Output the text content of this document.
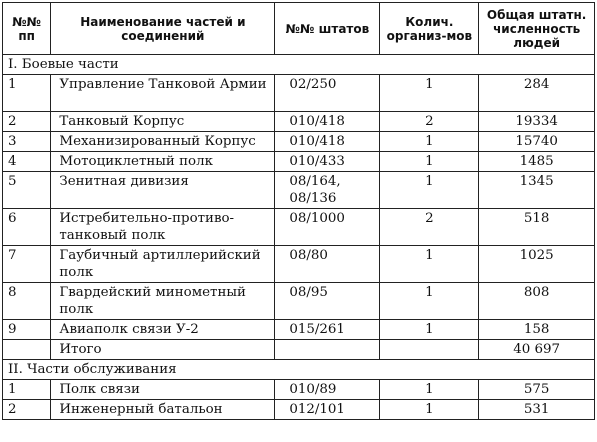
№№ пп	Наименование частей и соединений	№№ штатов	Колич. организ-мов	Общая штатн. численность людей
I. Боевые части				
1	Управление Танковой Армии	02/250	1	284
2	Танковый Корпус	010/418	2	19334
3	Механизированный Корпус	010/418	1	15740
4	Мотоциклетный полк	010/433	1	1485
5	Зенитная дивизия	08/164, 08/136	1	1345
6	Истребительно-противо-танковый полк	08/1000	2	518
7	Гаубичный артиллерийский полк	08/80	1	1025
8	Гвардейский минометный полк	08/95	1	808
9	Авиаполк связи У-2	015/261	1	158
	Итого			40 697
II. Части обслуживания				
1	Полк связи	010/89	1	575
2	Инженерный батальон	012/101	1	531
